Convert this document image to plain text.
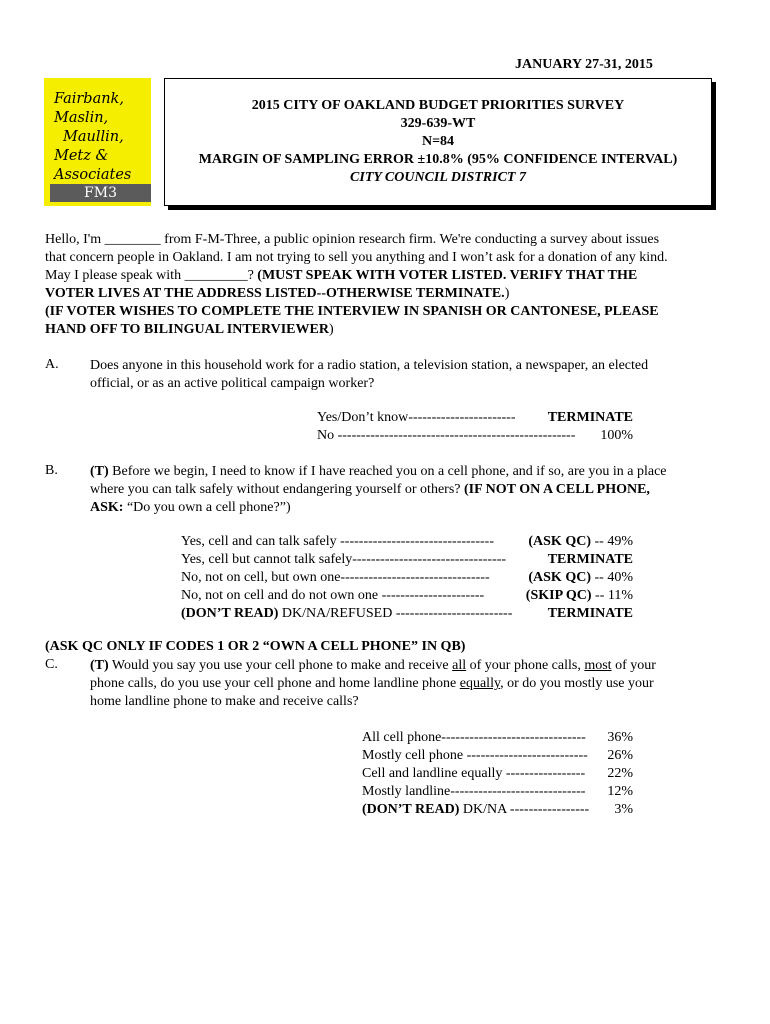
JANUARY 27-31, 2015
Fairbank,
Maslin,
Maullin,
Metz &
Associates
FM3
2015 CITY OF OAKLAND BUDGET PRIORITIES SURVEY
329-639-WT
N=84
MARGIN OF SAMPLING ERROR ±10.8% (95% CONFIDENCE INTERVAL)
CITY COUNCIL DISTRICT 7
Hello, I'm ________ from F-M-Three, a public opinion research firm. We're conducting a survey about issues
that concern people in Oakland. I am not trying to sell you anything and I won’t ask for a donation of any kind.
May I please speak with _________? (MUST SPEAK WITH VOTER LISTED. VERIFY THAT THE
VOTER LIVES AT THE ADDRESS LISTED--OTHERWISE TERMINATE.)
(IF VOTER WISHES TO COMPLETE THE INTERVIEW IN SPANISH OR CANTONESE, PLEASE
HAND OFF TO BILINGUAL INTERVIEWER)
A. Does anyone in this household work for a radio station, a television station, a newspaper, an elected
official, or as an active political campaign worker?
Yes/Don’t know----------------------- TERMINATE
No --------------------------------------------------- 100%
B. (T) Before we begin, I need to know if I have reached you on a cell phone, and if so, are you in a place
where you can talk safely without endangering yourself or others? (IF NOT ON A CELL PHONE,
ASK: “Do you own a cell phone?”)
Yes, cell and can talk safely --------------------------------- (ASK QC) -- 49%
Yes, cell but cannot talk safely---------------------------------	TERMINATE
No, not on cell, but own one--------------------------------	(ASK QC) -- 40%
No, not on cell and do not own one ----------------------	(SKIP QC) -- 11%
(DON’T READ) DK/NA/REFUSED -------------------------	TERMINATE
(ASK QC ONLY IF CODES 1 OR 2 “OWN A CELL PHONE” IN QB)
C. (T) Would you say you use your cell phone to make and receive all of your phone calls, most of your
phone calls, do you use your cell phone and home landline phone equally, or do you mostly use your
home landline phone to make and receive calls?
All cell phone------------------------------- 36%
Mostly cell phone -------------------------- 26%
Cell and landline equally ----------------- 22%
Mostly landline----------------------------- 12%
(DON’T READ) DK/NA ----------------- 3%
